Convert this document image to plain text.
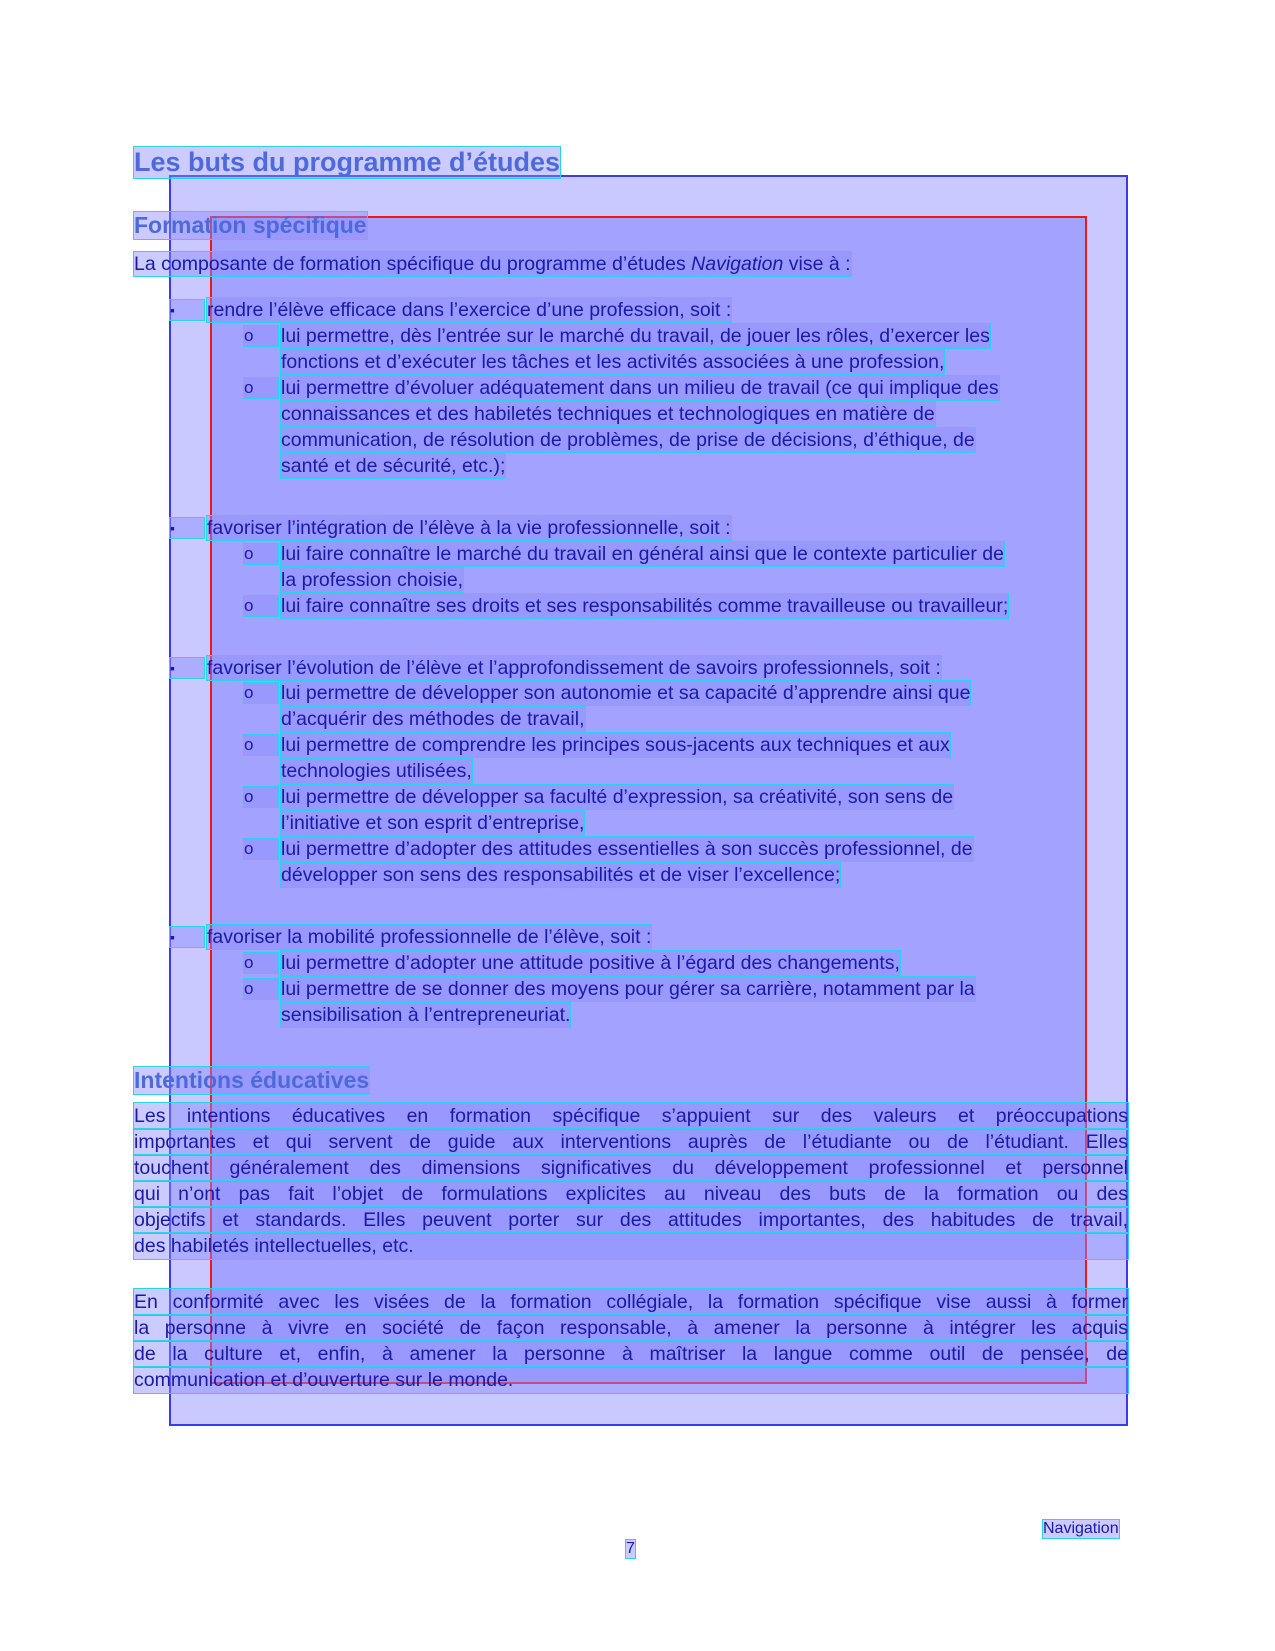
Les buts du programme d’études
Formation spécifique
La composante de formation spécifique du programme d’études Navigation vise à :
▪	rendre l’élève efficace dans l’exercice d’une profession, soit :
o	lui permettre, dès l’entrée sur le marché du travail, de jouer les rôles, d’exercer les
fonctions et d’exécuter les tâches et les activités associées à une profession,
o	lui permettre d’évoluer adéquatement dans un milieu de travail (ce qui implique des
connaissances et des habiletés techniques et technologiques en matière de
communication, de résolution de problèmes, de prise de décisions, d’éthique, de
santé et de sécurité, etc.);
▪	favoriser l’intégration de l’élève à la vie professionnelle, soit :
o	lui faire connaître le marché du travail en général ainsi que le contexte particulier de
la profession choisie,
o	lui faire connaître ses droits et ses responsabilités comme travailleuse ou travailleur;
▪	favoriser l’évolution de l’élève et l’approfondissement de savoirs professionnels, soit :
o	lui permettre de développer son autonomie et sa capacité d’apprendre ainsi que
d’acquérir des méthodes de travail,
o	lui permettre de comprendre les principes sous-jacents aux techniques et aux
technologies utilisées,
o	lui permettre de développer sa faculté d’expression, sa créativité, son sens de
l’initiative et son esprit d’entreprise,
o	lui permettre d’adopter des attitudes essentielles à son succès professionnel, de
développer son sens des responsabilités et de viser l’excellence;
▪	favoriser la mobilité professionnelle de l’élève, soit :
o	lui permettre d’adopter une attitude positive à l’égard des changements,
o	lui permettre de se donner des moyens pour gérer sa carrière, notamment par la
sensibilisation à l’entrepreneuriat.
Intentions éducatives
Les intentions éducatives en formation spécifique s’appuient sur des valeurs et préoccupations
importantes et qui servent de guide aux interventions auprès de l’étudiante ou de l’étudiant. Elles
touchent généralement des dimensions significatives du développement professionnel et personnel
qui n’ont pas fait l’objet de formulations explicites au niveau des buts de la formation ou des
objectifs et standards. Elles peuvent porter sur des attitudes importantes, des habitudes de travail,
des habiletés intellectuelles, etc.
En conformité avec les visées de la formation collégiale, la formation spécifique vise aussi à former
la personne à vivre en société de façon responsable, à amener la personne à intégrer les acquis
de la culture et, enfin, à amener la personne à maîtriser la langue comme outil de pensée, de
communication et d’ouverture sur le monde.
Navigation
7
